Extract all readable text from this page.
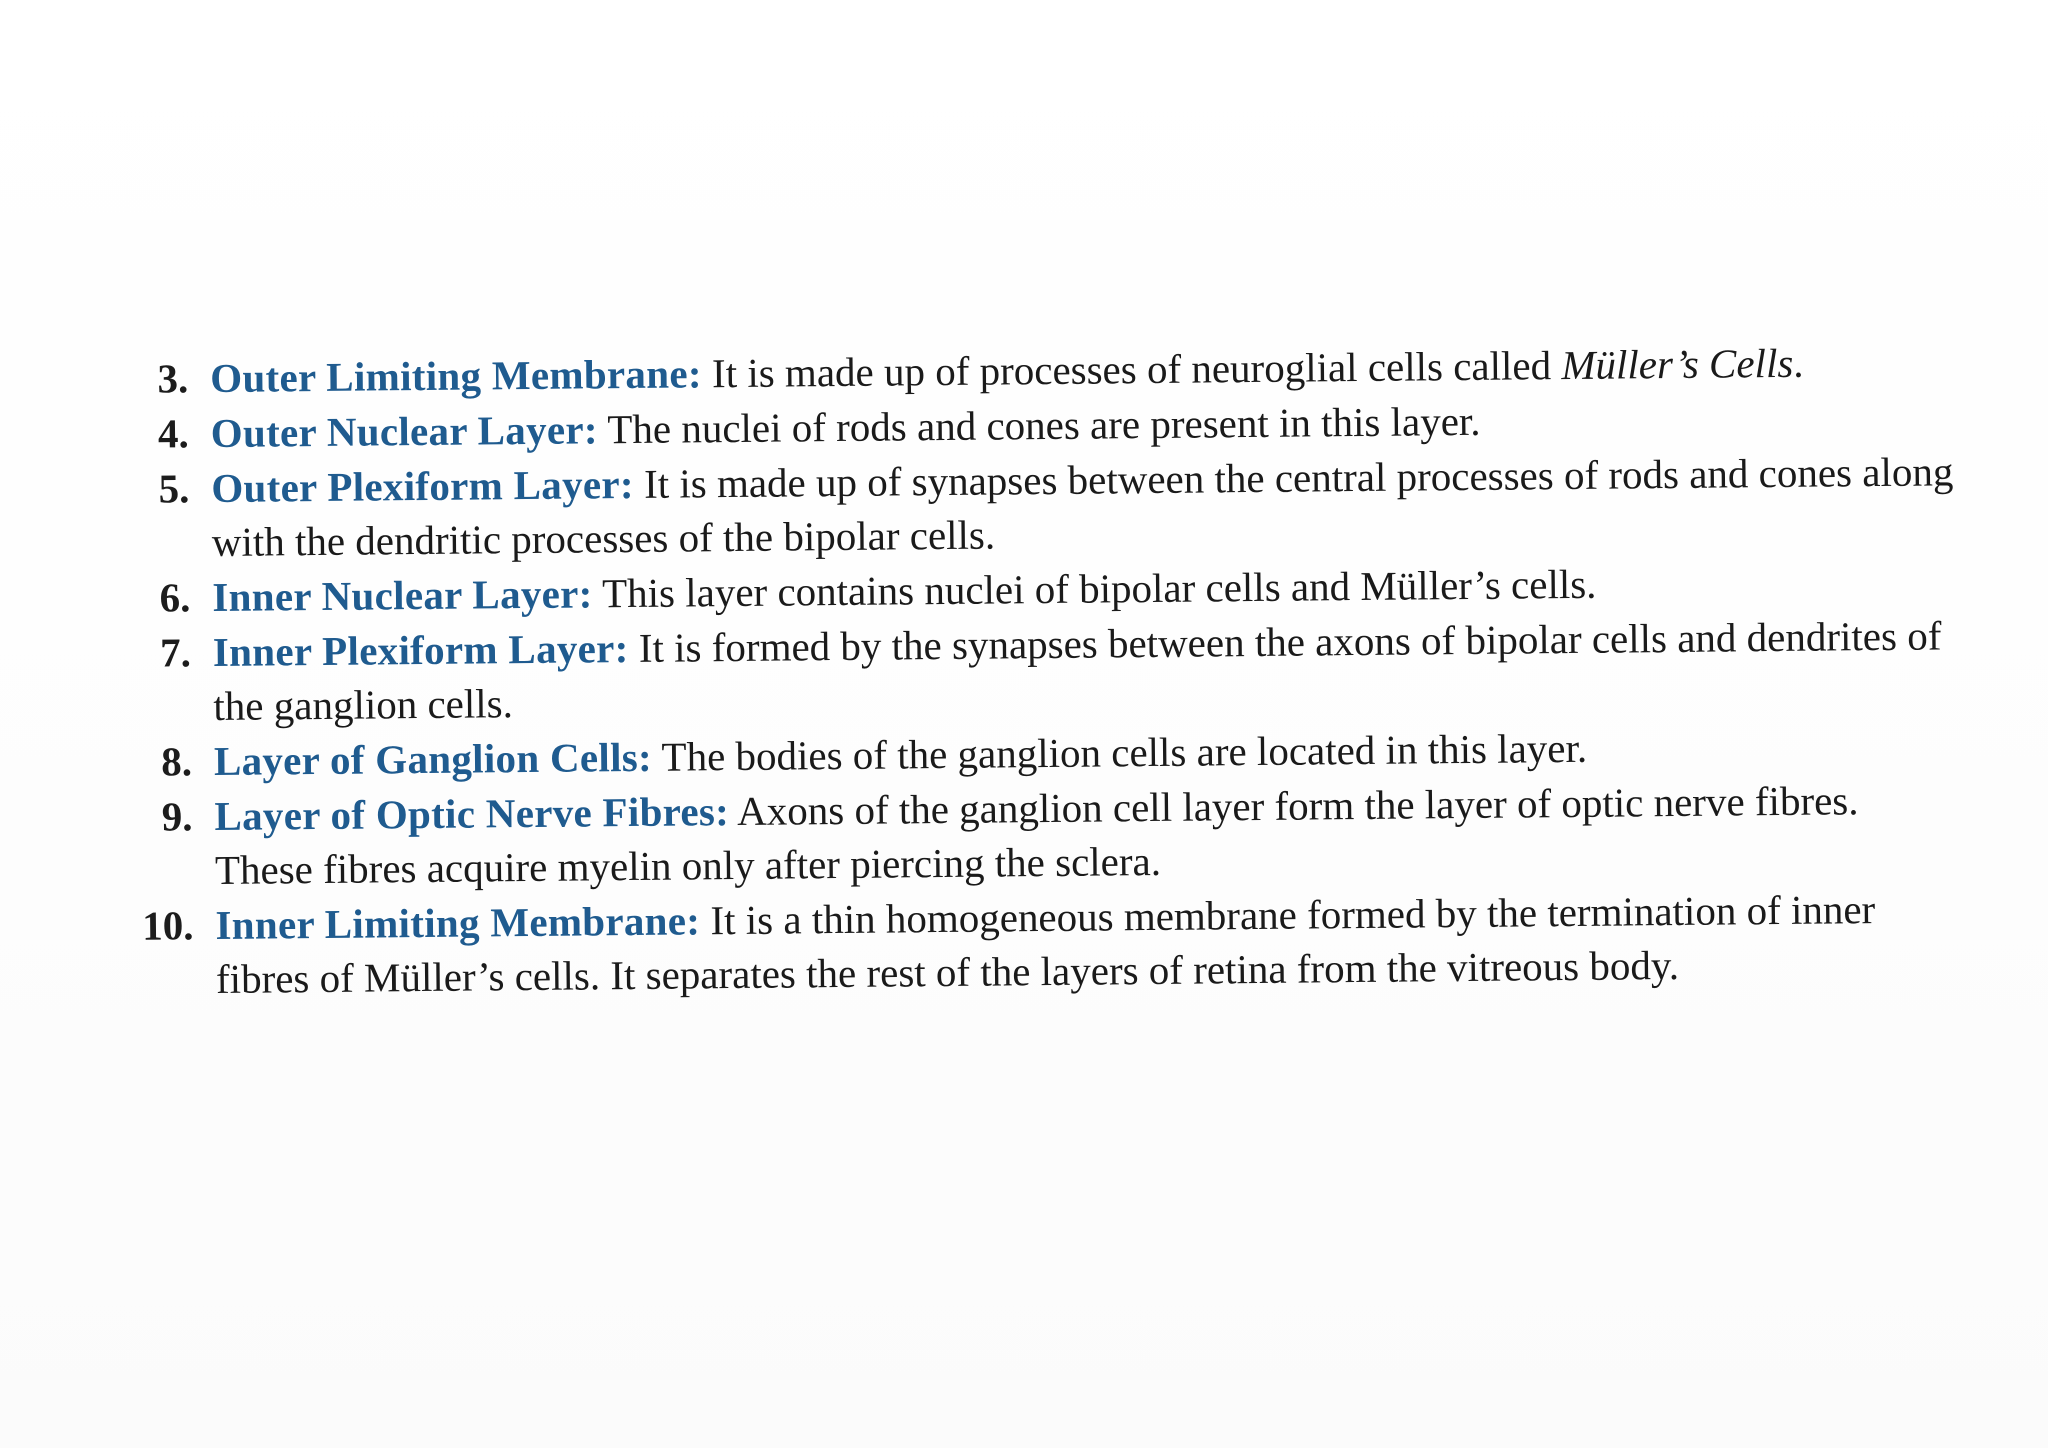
3. Outer Limiting Membrane: It is made up of processes of neuroglial cells called Müller’s Cells.
4. Outer Nuclear Layer: The nuclei of rods and cones are present in this layer.
5. Outer Plexiform Layer: It is made up of synapses between the central processes of rods and cones along with the dendritic processes of the bipolar cells.
6. Inner Nuclear Layer: This layer contains nuclei of bipolar cells and Müller’s cells.
7. Inner Plexiform Layer: It is formed by the synapses between the axons of bipolar cells and dendrites of the ganglion cells.
8. Layer of Ganglion Cells: The bodies of the ganglion cells are located in this layer.
9. Layer of Optic Nerve Fibres: Axons of the ganglion cell layer form the layer of optic nerve fibres. These fibres acquire myelin only after piercing the sclera.
10. Inner Limiting Membrane: It is a thin homogeneous membrane formed by the termination of inner fibres of Müller’s cells. It separates the rest of the layers of retina from the vitreous body.
